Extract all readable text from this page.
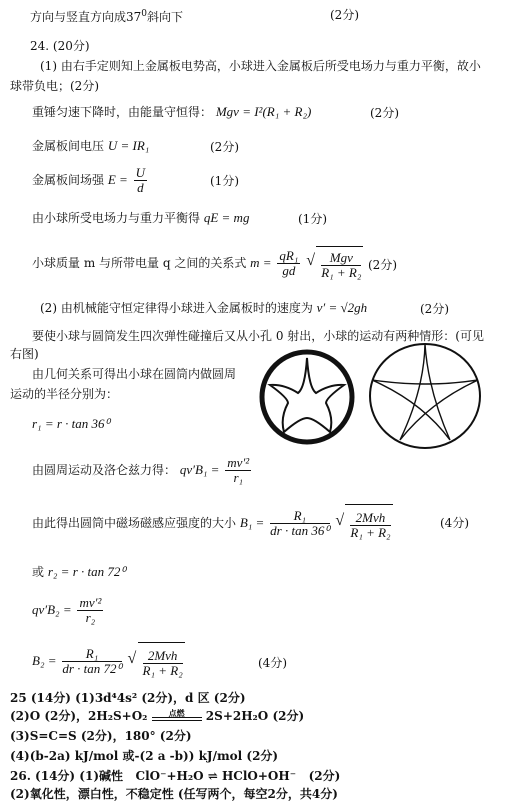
方向与竖直方向成$37^0$斜向下	(2分)
24. (20分)
(1) 由右手定则知上金属板电势高，小球进入金属板后所受电场力与重力平衡，故小
球带负电；(2分)
重锤匀速下降时，由能量守恒得： Mgv = I²(R₁ + R₂)	(2分)
金属板间电压 U = IR₁	(2分)
金属板间场强 $E = \frac{U}{d}$	(1分)
由小球所受电场力与重力平衡得 qE = mg	(1分)
小球质量 m 与所带电量 q 之间的关系式 $m = \frac{\text{qR₁}}{gd}$
√ $\frac{\text{Mgv}}{\text{R₁ + R₂}} (2$分)
(2) 由机械能守恒定律得小球进入金属板时的速度为 v′ = √2gh	(2分)
要使小球与圆筒发生四次弹性碰撞后又从小孔 0 射出，小球的运动有两种情形：(可见
右图)
由几何关系可得出小球在圆筒内做圆周
运动的半径分别为：
r₁ = r · tan 36⁰
由圆周运动及洛仑兹力得： $qv'B_1 = \frac{\text{mv′²}}{\text{r₁}}$
由此得出圆筒中磁场磁感应强度的大小 $B_1 = \frac{\text{R₁}}{\text{dr · tan 36⁰}}$
√ $\frac{\text{2Mvh}}{\text{R₁ + R₂}}$	(4分)
或 r₂ = r · tan 72⁰
$qv'B_2 = \frac{\text{mv′²}}{\text{r₂}}$
$B_2 = \frac{\text{R₁}}{\text{dr · tan 72⁰}}$
√ $\frac{\text{2Mvh}}{\text{R₁ + R₂}}$	(4分)
25 (14分) (1)3d⁴4s² (2分)，d 区 (2分)
(2)O (2分)，2H₂S+O₂	点燃	2S+2H₂O (2分)
(3)S=C=S (2分)，180° (2分)
(4)(b-2a) kJ/mol 或-(2 a -b)) kJ/mol (2分)
26. (14分) (1)碱性 ClO⁻+H₂O ⇌ HClO+OH⁻ (2分)
(2)氧化性，漂白性，不稳定性 (任写两个，每空2分，共4分)
